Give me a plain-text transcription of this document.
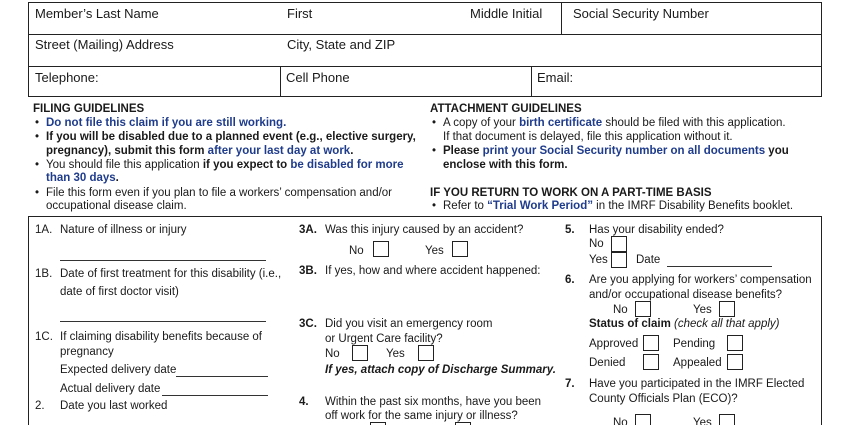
Member’s Last Name	First	Middle Initial Social Security Number
Street (Mailing) Address	City, State and ZIP
Telephone:	Cell Phone	Email:
FILING GUIDELINES
• Do not file this claim if you are still working.
• If you will be disabled due to a planned event (e.g., elective surgery,
pregnancy), submit this form after your last day at work.
• You should file this application if you expect to be disabled for more
than 30 days.
• File this form even if you plan to file a workers’ compensation and/or
occupational disease claim.
ATTACHMENT GUIDELINES
• A copy of your birth certificate should be filed with this application.
If that document is delayed, file this application without it.
• Please print your Social Security number on all documents you
enclose with this form.
IF YOU RETURN TO WORK ON A PART-TIME BASIS
• Refer to “Trial Work Period” in the IMRF Disability Benefits booklet.
1A. Nature of illness or injury
1B. Date of first treatment for this disability (i.e.,
date of first doctor visit)
1C. If claiming disability benefits because of
pregnancy
Expected delivery date
Actual delivery date
2. Date you last worked
3A. Was this injury caused by an accident?
No	Yes
3B. If yes, how and where accident happened:
3C. Did you visit an emergency room
or Urgent Care facility?
No	Yes
If yes, attach copy of Discharge Summary.
4. Within the past six months, have you been
off work for the same injury or illness?
5. Has your disability ended?
No
Yes Date
6. Are you applying for workers’ compensation
and/or occupational disease benefits?
No	Yes
Status of claim (check all that apply)
Approved	Pending
Denied	Appealed
7. Have you participated in the IMRF Elected
County Officials Plan (ECO)?
No	Yes
